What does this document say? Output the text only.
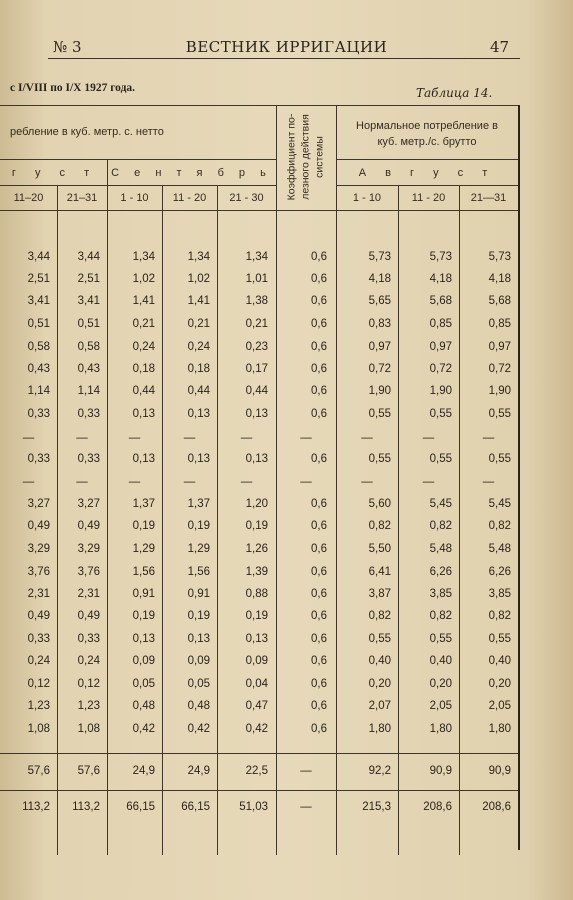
№ 3	ВЕСТНИК ИРРИГАЦИИ	47
с I/VIII по I/X 1927 года.	Таблица 14.
ребление в куб. метр. с. нетто	Нормальное потребление в
куб. метр./с. брутто
г у с т	С е н т я б р ь	А в г у с т
11–20	21–31	1 - 10	11 - 20	21 - 30	1 - 10	11 - 20	21—31
3,44	3,44	1,34	1,34	1,34	0,6	5,73	5,73	5,73
2,51	2,51	1,02	1,02	1,01	0,6	4,18	4,18	4,18
3,41	3,41	1,41	1,41	1,38	0,6	5,65	5,68	5,68
0,51	0,51	0,21	0,21	0,21	0,6	0,83	0,85	0,85
0,58	0,58	0,24	0,24	0,23	0,6	0,97	0,97	0,97
0,43	0,43	0,18	0,18	0,17	0,6	0,72	0,72	0,72
1,14	1,14	0,44	0,44	0,44	0,6	1,90	1,90	1,90
0,33	0,33	0,13	0,13	0,13	0,6	0,55	0,55	0,55
—	—	—	—	—	—	—	—	—
0,33	0,33	0,13	0,13	0,13	0,6	0,55	0,55	0,55
—	—	—	—	—	—	—	—	—
3,27	3,27	1,37	1,37	1,20	0,6	5,60	5,45	5,45
0,49	0,49	0,19	0,19	0,19	0,6	0,82	0,82	0,82
3,29	3,29	1,29	1,29	1,26	0,6	5,50	5,48	5,48
3,76	3,76	1,56	1,56	1,39	0,6	6,41	6,26	6,26
2,31	2,31	0,91	0,91	0,88	0,6	3,87	3,85	3,85
0,49	0,49	0,19	0,19	0,19	0,6	0,82	0,82	0,82
0,33	0,33	0,13	0,13	0,13	0,6	0,55	0,55	0,55
0,24	0,24	0,09	0,09	0,09	0,6	0,40	0,40	0,40
0,12	0,12	0,05	0,05	0,04	0,6	0,20	0,20	0,20
1,23	1,23	0,48	0,48	0,47	0,6	2,07	2,05	2,05
1,08	1,08	0,42	0,42	0,42	0,6	1,80	1,80	1,80
57,6	57,6	24,9	24,9	22,5	—	92,2	90,9	90,9
113,2	113,2	66,15	66,15	51,03	—	215,3	208,6	208,6
Коэффициент по- лезного действия системы
